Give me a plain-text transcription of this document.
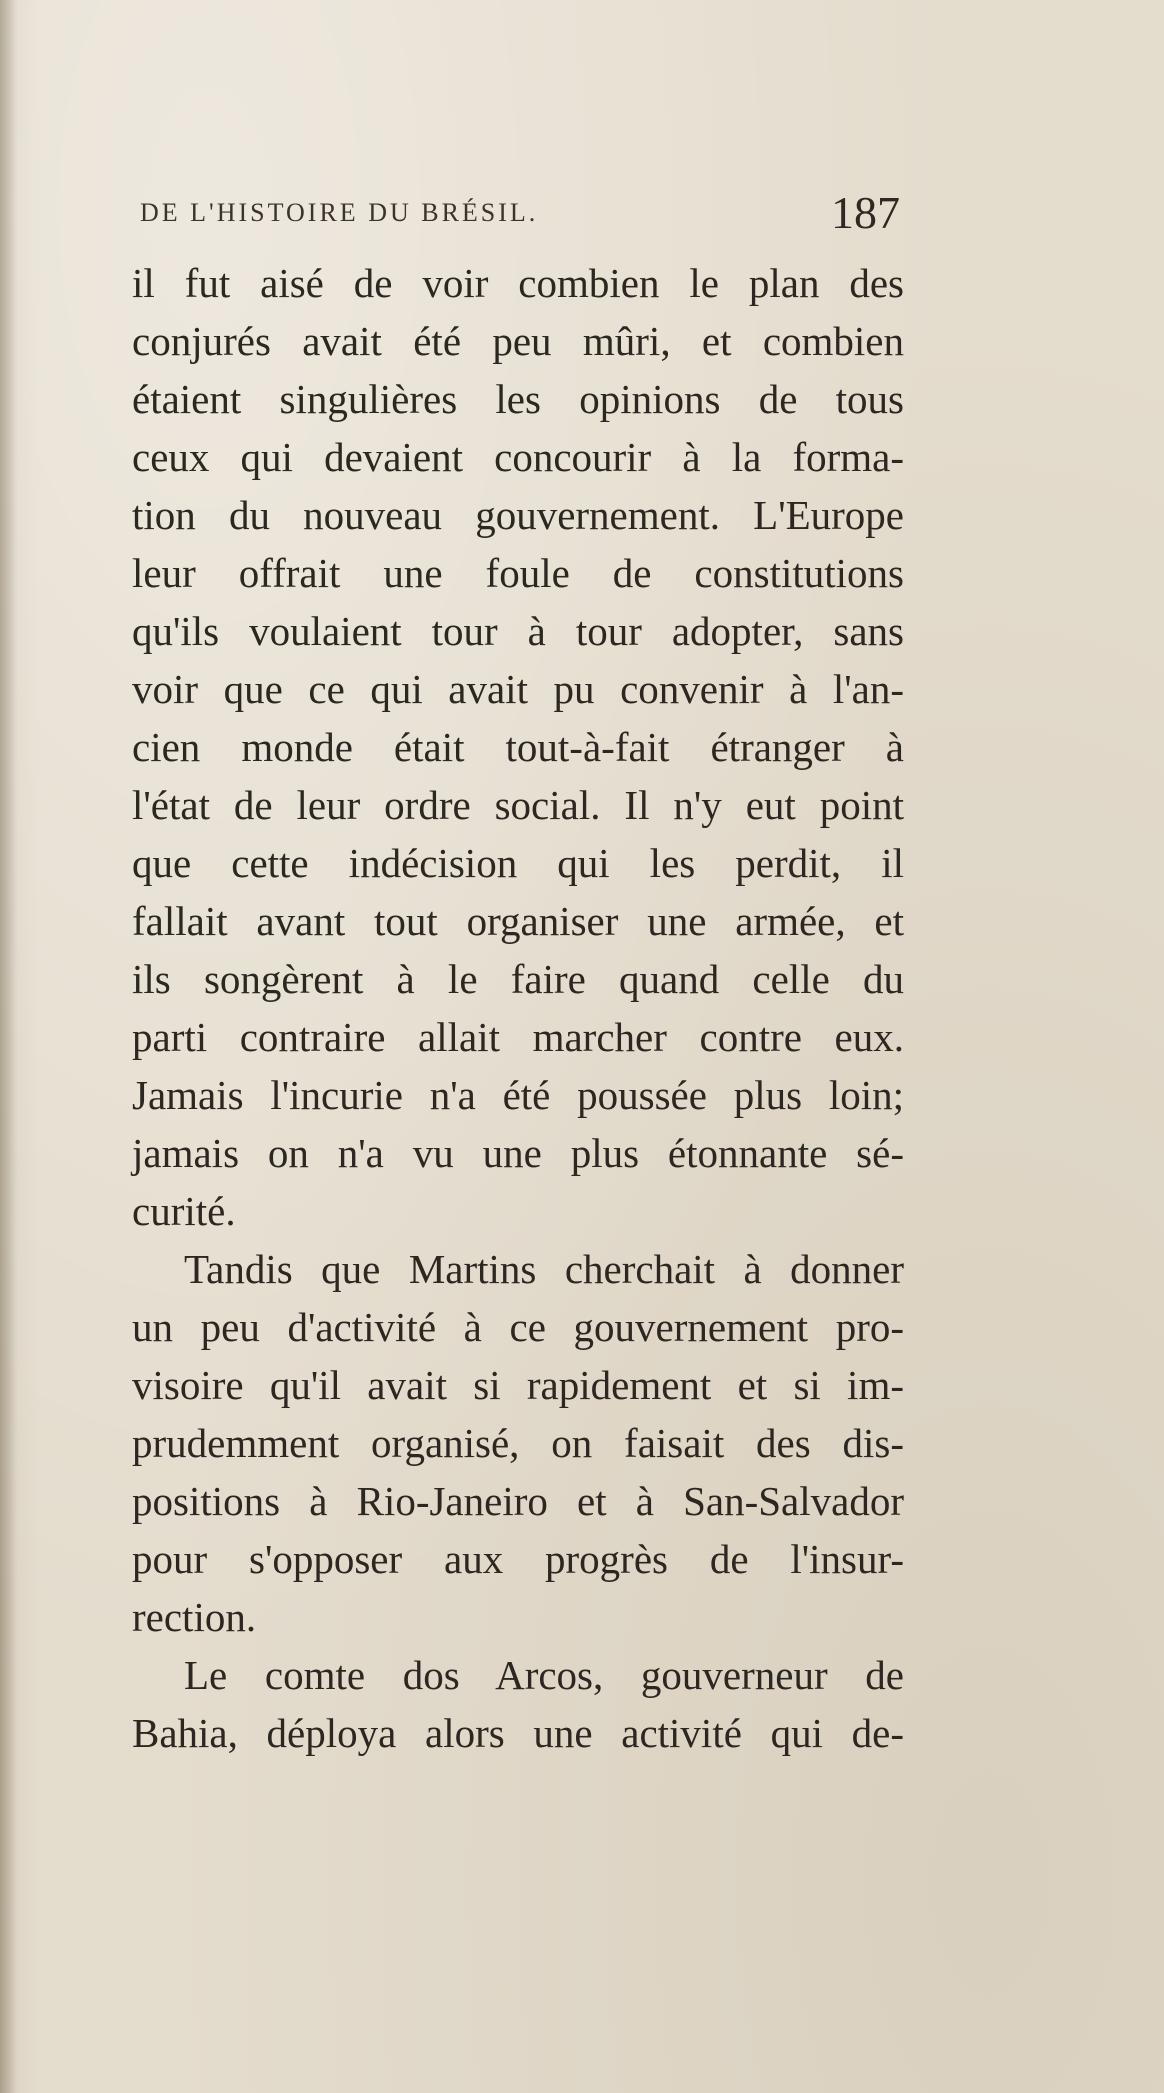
DE L'HISTOIRE DU BRÉSIL.	187
il fut aisé de voir combien le plan des
conjurés avait été peu mûri, et combien
étaient singulières les opinions de tous
ceux qui devaient concourir à la forma-
tion du nouveau gouvernement. L'Europe
leur offrait une foule de constitutions
qu'ils voulaient tour à tour adopter, sans
voir que ce qui avait pu convenir à l'an-
cien monde était tout-à-fait étranger à
l'état de leur ordre social. Il n'y eut point
que cette indécision qui les perdit, il
fallait avant tout organiser une armée, et
ils songèrent à le faire quand celle du
parti contraire allait marcher contre eux.
Jamais l'incurie n'a été poussée plus loin;
jamais on n'a vu une plus étonnante sé-
curité.
Tandis que Martins cherchait à donner
un peu d'activité à ce gouvernement pro-
visoire qu'il avait si rapidement et si im-
prudemment organisé, on faisait des dis-
positions à Rio-Janeiro et à San-Salvador
pour s'opposer aux progrès de l'insur-
rection.
Le comte dos Arcos, gouverneur de
Bahia, déploya alors une activité qui de-
